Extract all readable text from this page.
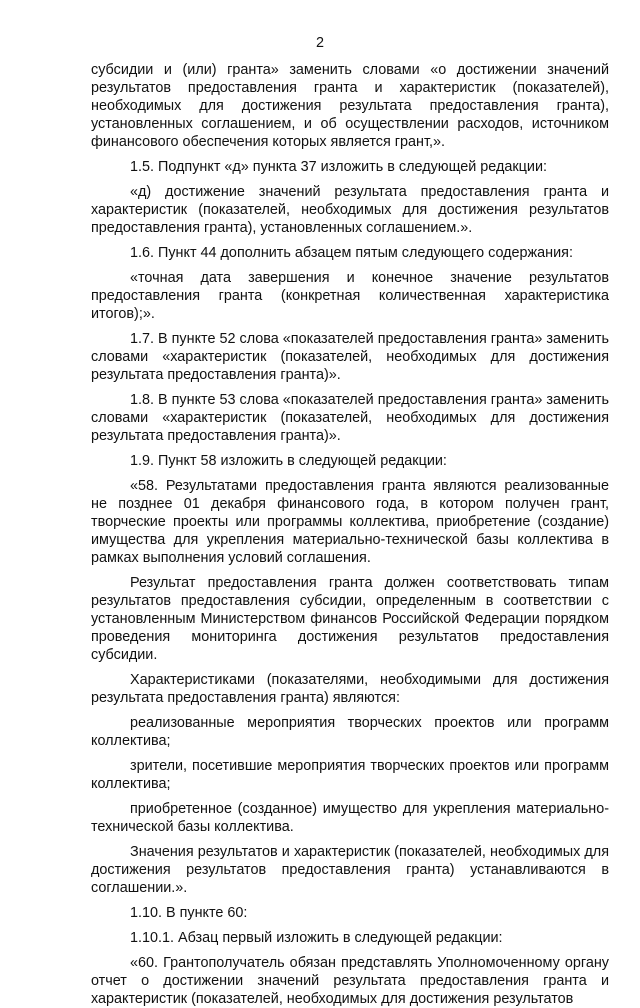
2

субсидии и (или) гранта» заменить словами «о достижении значений результатов предоставления гранта и характеристик (показателей), необходимых для достижения результата предоставления гранта), установленных соглашением, и об осуществлении расходов, источником финансового обеспечения которых является грант,».

1.5. Подпункт «д» пункта 37 изложить в следующей редакции:

«д) достижение значений результата предоставления гранта и характеристик (показателей, необходимых для достижения результатов предоставления гранта), установленных соглашением.».

1.6. Пункт 44 дополнить абзацем пятым следующего содержания:

«точная дата завершения и конечное значение результатов предоставления гранта (конкретная количественная характеристика итогов);».

1.7. В пункте 52 слова «показателей предоставления гранта» заменить словами «характеристик (показателей, необходимых для достижения результата предоставления гранта)».

1.8. В пункте 53 слова «показателей предоставления гранта» заменить словами «характеристик (показателей, необходимых для достижения результата предоставления гранта)».

1.9. Пункт 58 изложить в следующей редакции:

«58. Результатами предоставления гранта являются реализованные не позднее 01 декабря финансового года, в котором получен грант, творческие проекты или программы коллектива, приобретение (создание) имущества для укрепления материально-технической базы коллектива в рамках выполнения условий соглашения.

Результат предоставления гранта должен соответствовать типам результатов предоставления субсидии, определенным в соответствии с установленным Министерством финансов Российской Федерации порядком проведения мониторинга достижения результатов предоставления субсидии.

Характеристиками (показателями, необходимыми для достижения результата предоставления гранта) являются:

реализованные мероприятия творческих проектов или программ коллектива;

зрители, посетившие мероприятия творческих проектов или программ коллектива;

приобретенное (созданное) имущество для укрепления материально-технической базы коллектива.

Значения результатов и характеристик (показателей, необходимых для достижения результатов предоставления гранта) устанавливаются в соглашении.».

1.10. В пункте 60:

1.10.1. Абзац первый изложить в следующей редакции:

«60. Грантополучатель обязан представлять Уполномоченному органу отчет о достижении значений результата предоставления гранта и характеристик (показателей, необходимых для достижения результатов
